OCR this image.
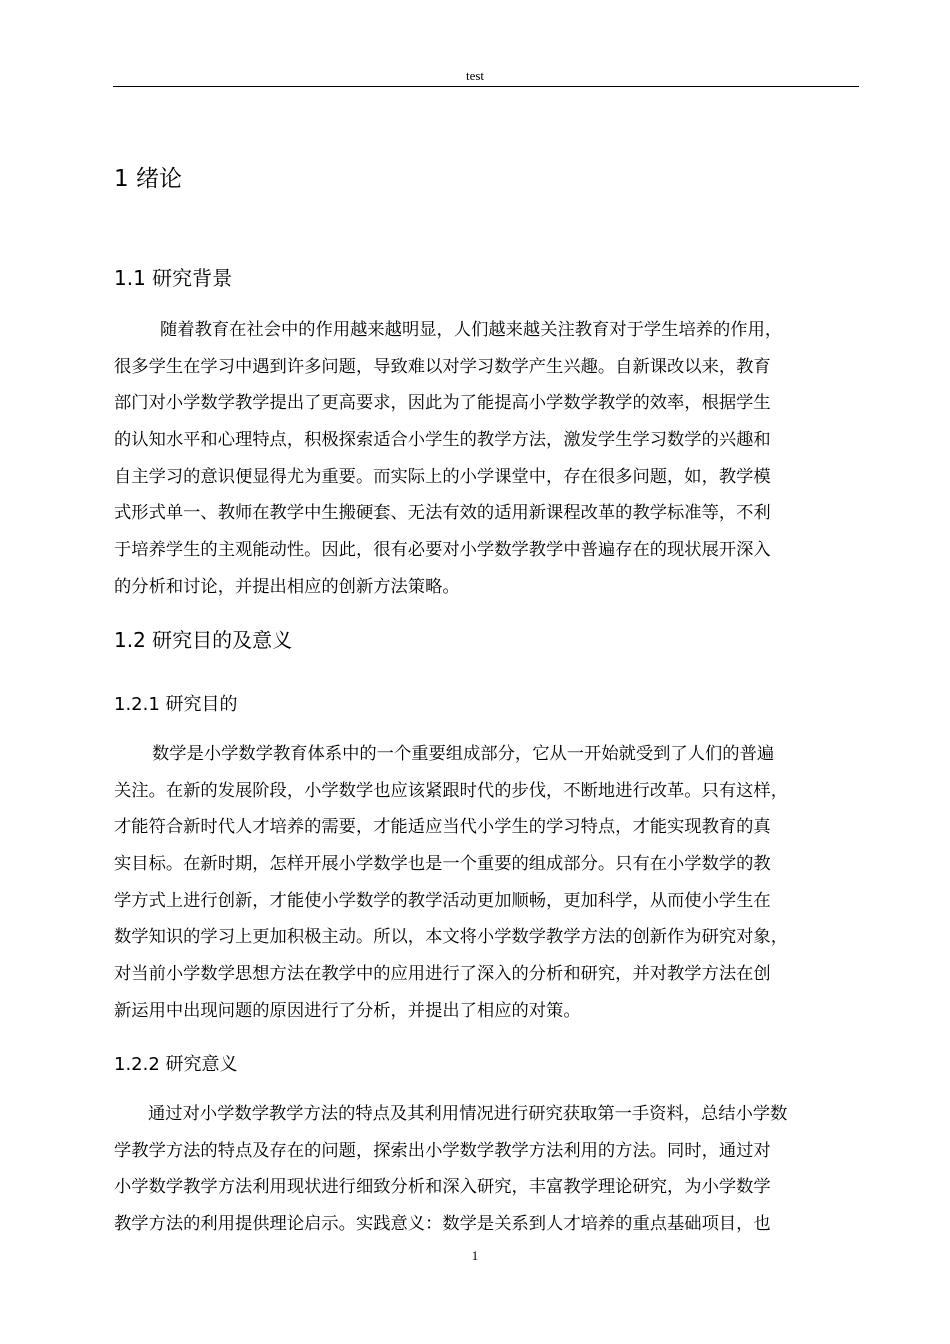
test
1 绪论
1.1 研究背景
随着教育在社会中的作用越来越明显，人们越来越关注教育对于学生培养的作用，
很多学生在学习中遇到许多问题，导致难以对学习数学产生兴趣。自新课改以来，教育
部门对小学数学教学提出了更高要求，因此为了能提高小学数学教学的效率，根据学生
的认知水平和心理特点，积极探索适合小学生的教学方法，激发学生学习数学的兴趣和
自主学习的意识便显得尤为重要。而实际上的小学课堂中，存在很多问题，如，教学模
式形式单一、教师在教学中生搬硬套、无法有效的适用新课程改革的教学标准等，不利
于培养学生的主观能动性。因此，很有必要对小学数学教学中普遍存在的现状展开深入
的分析和讨论，并提出相应的创新方法策略。
1.2 研究目的及意义
1.2.1 研究目的
数学是小学数学教育体系中的一个重要组成部分，它从一开始就受到了人们的普遍
关注。在新的发展阶段，小学数学也应该紧跟时代的步伐，不断地进行改革。只有这样，
才能符合新时代人才培养的需要，才能适应当代小学生的学习特点，才能实现教育的真
实目标。在新时期，怎样开展小学数学也是一个重要的组成部分。只有在小学数学的教
学方式上进行创新，才能使小学数学的教学活动更加顺畅，更加科学，从而使小学生在
数学知识的学习上更加积极主动。所以，本文将小学数学教学方法的创新作为研究对象，
对当前小学数学思想方法在教学中的应用进行了深入的分析和研究，并对教学方法在创
新运用中出现问题的原因进行了分析，并提出了相应的对策。
1.2.2 研究意义
通过对小学数学教学方法的特点及其利用情况进行研究获取第一手资料，总结小学数
学教学方法的特点及存在的问题，探索出小学数学教学方法利用的方法。同时，通过对
小学数学教学方法利用现状进行细致分析和深入研究，丰富教学理论研究，为小学数学
教学方法的利用提供理论启示。实践意义：数学是关系到人才培养的重点基础项目，也
1
